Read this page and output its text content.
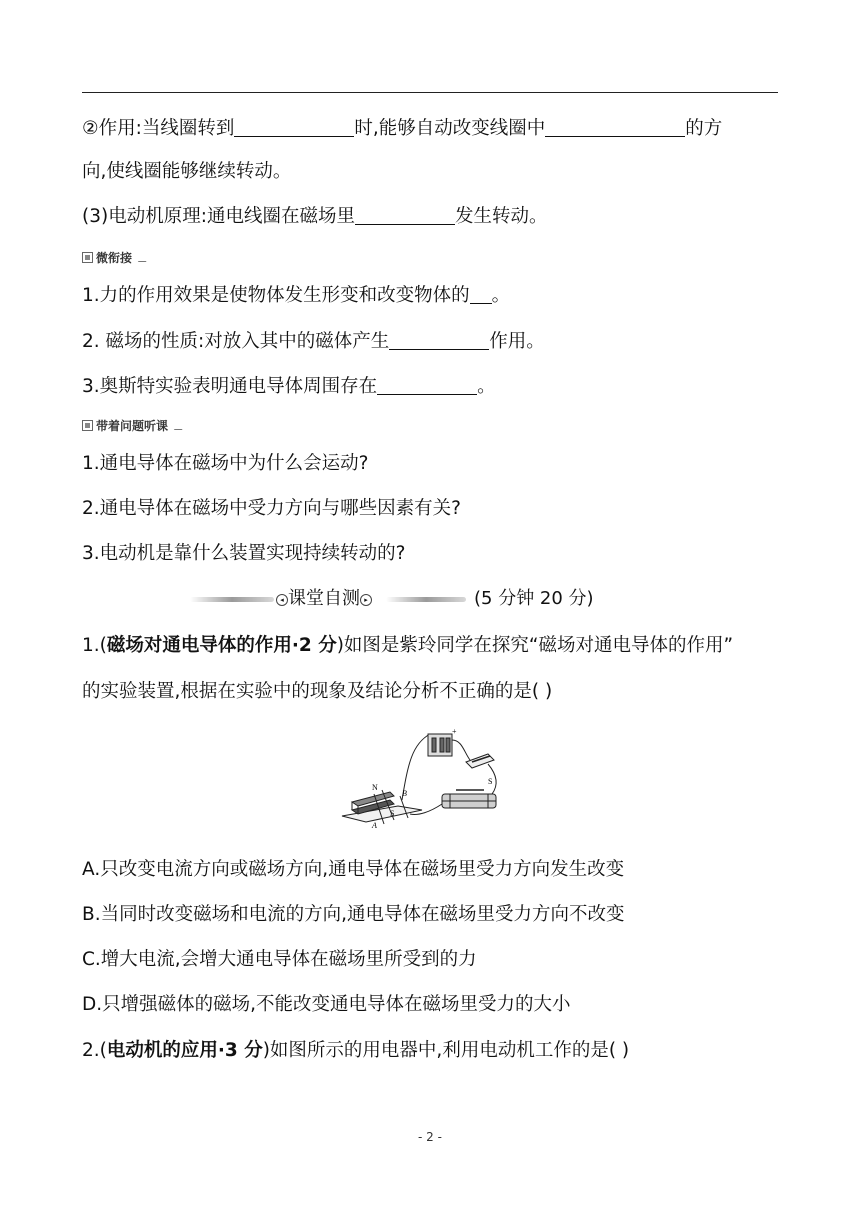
②作用:当线圈转到	时,能够自动改变线圈中	的方
向,使线圈能够继续转动。
(3)电动机原理:通电线圈在磁场里	发生转动。
微衔接
1.力的作用效果是使物体发生形变和改变物体的 。
2. 磁场的性质:对放入其中的磁体产生	作用。
3.奥斯特实验表明通电导体周围存在	。
带着问题听课
1.通电导体在磁场中为什么会运动?
2.通电导体在磁场中受力方向与哪些因素有关?
3.电动机是靠什么装置实现持续转动的?
◂ 课堂自测 ▸	(5 分钟 20 分)
1.(磁场对通电导体的作用·2 分)如图是紫玲同学在探究“磁场对通电导体的作用”
的实验装置,根据在实验中的现象及结论分析不正确的是( )
N
S
B
A
S
+
A.只改变电流方向或磁场方向,通电导体在磁场里受力方向发生改变
B.当同时改变磁场和电流的方向,通电导体在磁场里受力方向不改变
C.增大电流,会增大通电导体在磁场里所受到的力
D.只增强磁体的磁场,不能改变通电导体在磁场里受力的大小
2.(电动机的应用·3 分)如图所示的用电器中,利用电动机工作的是( )
- 2 -
